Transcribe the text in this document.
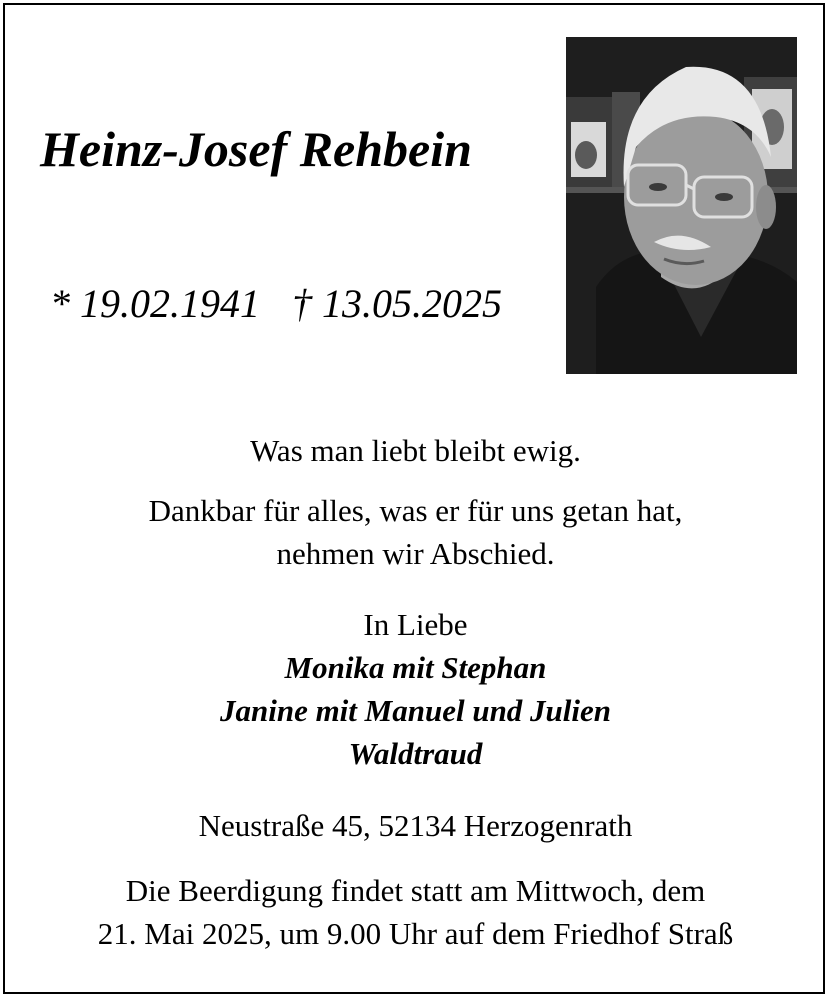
Heinz-Josef Rehbein
* 19.02.1941 † 13.05.2025
Was man liebt bleibt ewig.
Dankbar für alles, was er für uns getan hat,
nehmen wir Abschied.
In Liebe
Monika mit Stephan
Janine mit Manuel und Julien
Waldtraud
Neustraße 45, 52134 Herzogenrath
Die Beerdigung findet statt am Mittwoch, dem
21. Mai 2025, um 9.00 Uhr auf dem Friedhof Straß
